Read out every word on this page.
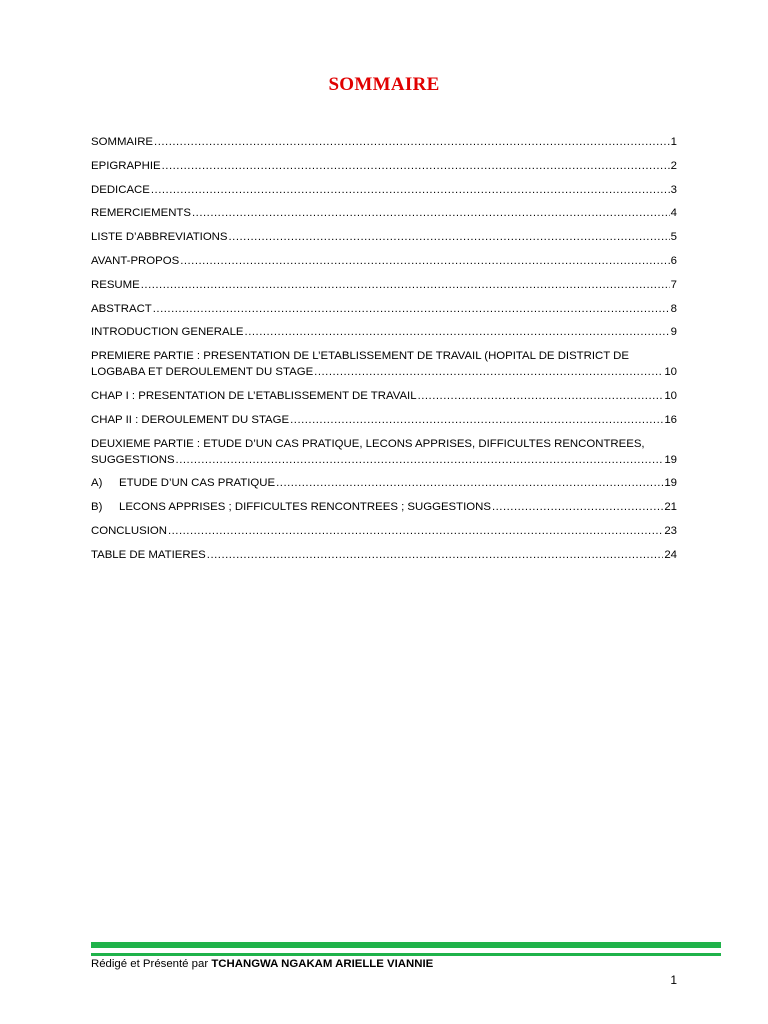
SOMMAIRE
SOMMAIRE .....	1
EPIGRAPHIE .....	2
DEDICACE .....	3
REMERCIEMENTS .....	4
LISTE D’ABBREVIATIONS .....	5
AVANT-PROPOS .....	6
RESUME .....	7
ABSTRACT .....	8
INTRODUCTION GENERALE .....	9
PREMIERE PARTIE : PRESENTATION DE L’ETABLISSEMENT DE TRAVAIL (HOPITAL DE DISTRICT DE
LOGBABA ET DEROULEMENT DU STAGE .....	10
CHAP I : PRESENTATION DE L’ETABLISSEMENT DE TRAVAIL .....	10
CHAP II : DEROULEMENT DU STAGE .....	16
DEUXIEME PARTIE : ETUDE D’UN CAS PRATIQUE, LECONS APPRISES, DIFFICULTES RENCONTREES,
SUGGESTIONS .....	19
A) ETUDE D’UN CAS PRATIQUE .....	19
B) LECONS APPRISES ; DIFFICULTES RENCONTREES ; SUGGESTIONS .....	21
CONCLUSION .....	23
TABLE DE MATIERES .....	24
Rédigé et Présenté par TCHANGWA NGAKAM ARIELLE VIANNIE
1
